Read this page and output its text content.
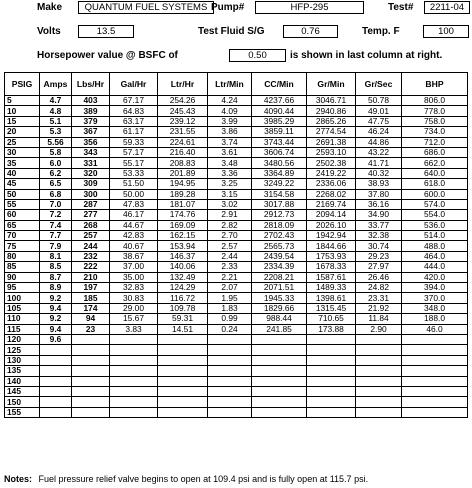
Make	QUANTUM FUEL SYSTEMS Pump#	HFP-295	Test#	2211-04
Volts	13.5	Test Fluid S/G	0.76	Temp. F	100
Horsepower value @ BSFC of	0.50	is shown in last column at right.
PSIG	Amps	Lbs/Hr	Gal/Hr	Ltr/Hr	Ltr/Min	CC/Min	Gr/Min	Gr/Sec	BHP
5	4.7	403	67.17	254.26	4.24	4237.66	3046.71	50.78	806.0
10	4.8	389	64.83	245.43	4.09	4090.44	2940.86	49.01	778.0
15	5.1	379	63.17	239.12	3.99	3985.29	2865.26	47.75	758.0
20	5.3	367	61.17	231.55	3.86	3859.11	2774.54	46.24	734.0
25	5.56	356	59.33	224.61	3.74	3743.44	2691.38	44.86	712.0
30	5.8	343	57.17	216.40	3.61	3606.74	2593.10	43.22	686.0
35	6.0	331	55.17	208.83	3.48	3480.56	2502.38	41.71	662.0
40	6.2	320	53.33	201.89	3.36	3364.89	2419.22	40.32	640.0
45	6.5	309	51.50	194.95	3.25	3249.22	2336.06	38.93	618.0
50	6.8	300	50.00	189.28	3.15	3154.58	2268.02	37.80	600.0
55	7.0	287	47.83	181.07	3.02	3017.88	2169.74	36.16	574.0
60	7.2	277	46.17	174.76	2.91	2912.73	2094.14	34.90	554.0
65	7.4	268	44.67	169.09	2.82	2818.09	2026.10	33.77	536.0
70	7.7	257	42.83	162.15	2.70	2702.43	1942.94	32.38	514.0
75	7.9	244	40.67	153.94	2.57	2565.73	1844.66	30.74	488.0
80	8.1	232	38.67	146.37	2.44	2439.54	1753.93	29.23	464.0
85	8.5	222	37.00	140.06	2.33	2334.39	1678.33	27.97	444.0
90	8.7	210	35.00	132.49	2.21	2208.21	1587.61	26.46	420.0
95	8.9	197	32.83	124.29	2.07	2071.51	1489.33	24.82	394.0
100	9.2	185	30.83	116.72	1.95	1945.33	1398.61	23.31	370.0
105	9.4	174	29.00	109.78	1.83	1829.66	1315.45	21.92	348.0
110	9.2	94	15.67	59.31	0.99	988.44	710.65	11.84	188.0
115	9.4	23	3.83	14.51	0.24	241.85	173.88	2.90	46.0
120	9.6								
125									
130									
135									
140									
145									
150									
155									
Notes: Fuel pressure relief valve begins to open at 109.4 psi and is fully open at 115.7 psi.
